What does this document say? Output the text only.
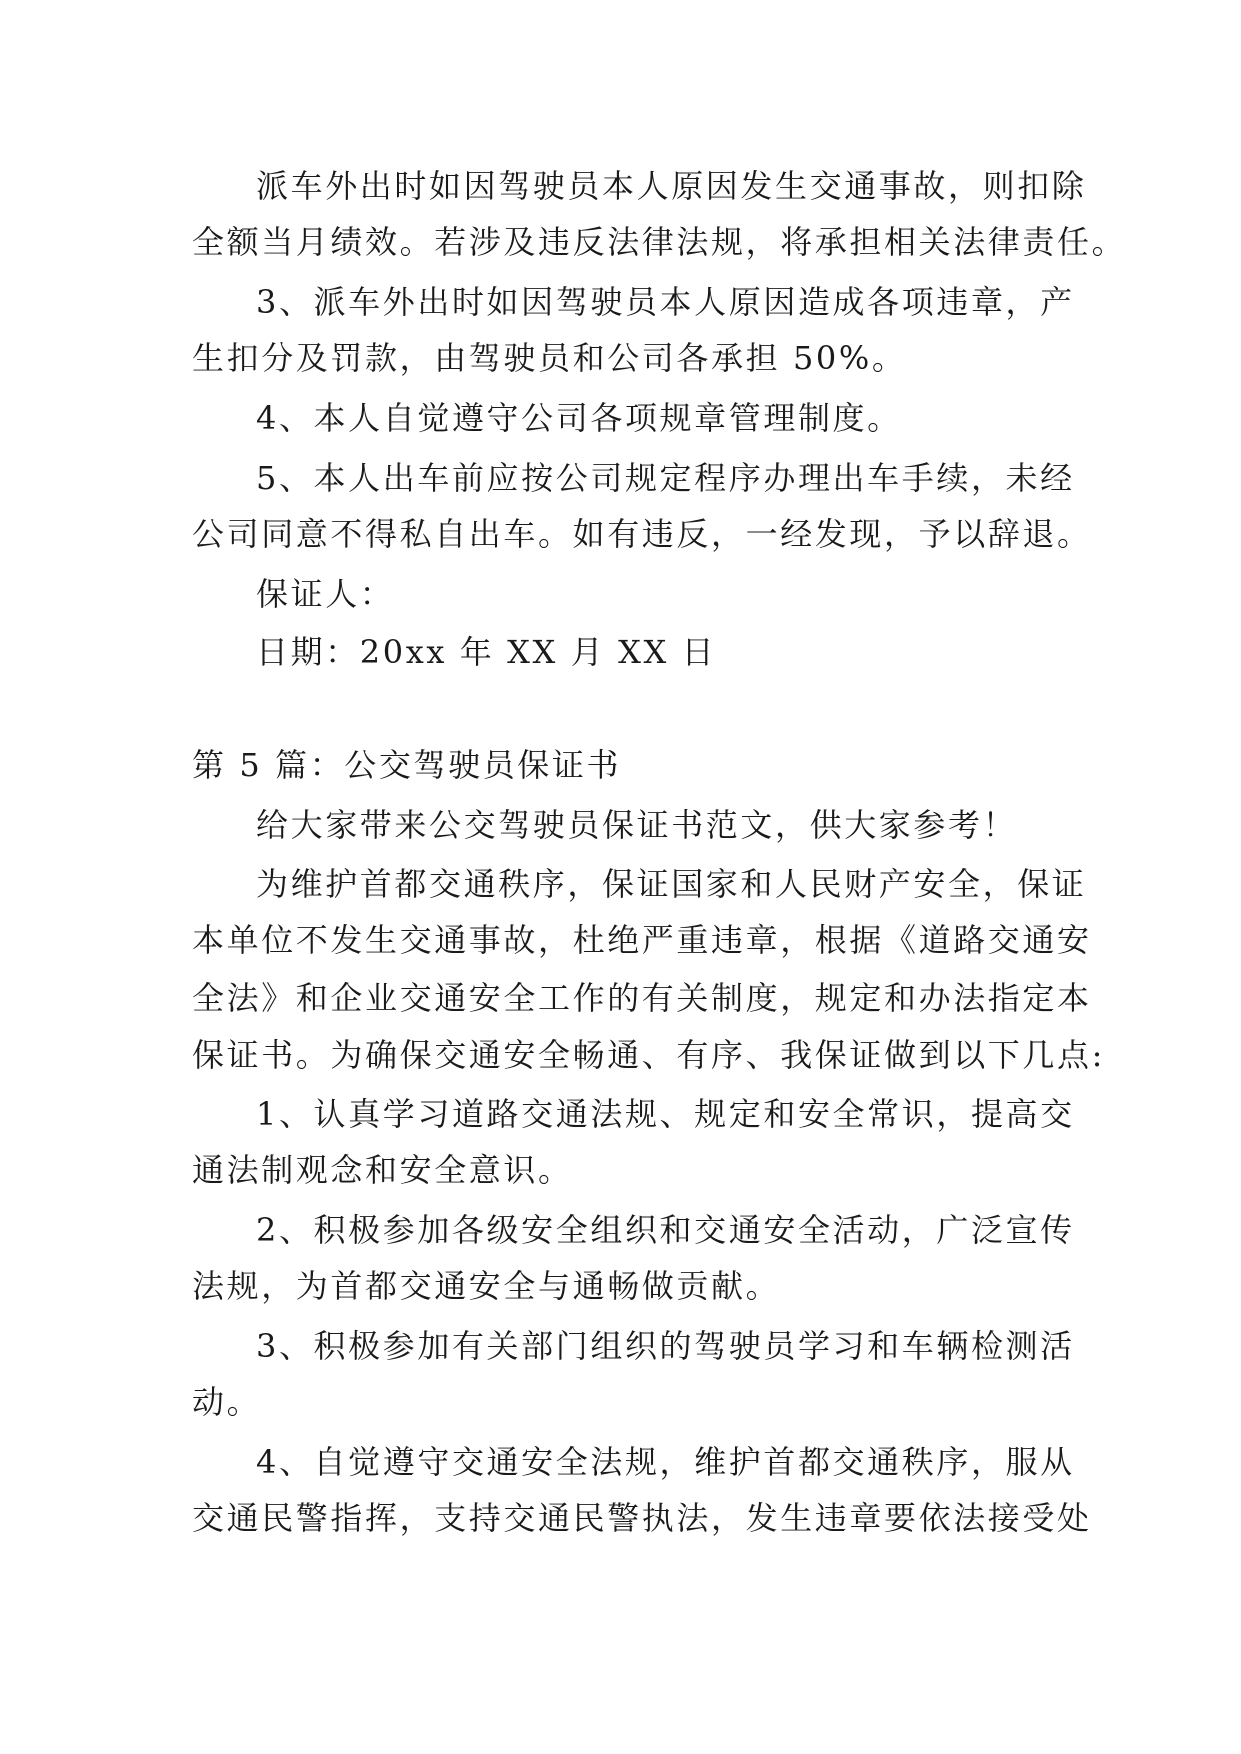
派车外出时如因驾驶员本人原因发生交通事故，则扣除
全额当月绩效。若涉及违反法律法规，将承担相关法律责任。
3、派车外出时如因驾驶员本人原因造成各项违章，产
生扣分及罚款，由驾驶员和公司各承担 50%。
4、本人自觉遵守公司各项规章管理制度。
5、本人出车前应按公司规定程序办理出车手续，未经
公司同意不得私自出车。如有违反，一经发现，予以辞退。
保证人：
日期：20xx 年 XX 月 XX 日
第 5 篇：公交驾驶员保证书
给大家带来公交驾驶员保证书范文，供大家参考！
为维护首都交通秩序，保证国家和人民财产安全，保证
本单位不发生交通事故，杜绝严重违章，根据《道路交通安
全法》和企业交通安全工作的有关制度，规定和办法指定本
保证书。为确保交通安全畅通、有序、我保证做到以下几点:
1、认真学习道路交通法规、规定和安全常识，提高交
通法制观念和安全意识。
2、积极参加各级安全组织和交通安全活动，广泛宣传
法规，为首都交通安全与通畅做贡献。
3、积极参加有关部门组织的驾驶员学习和车辆检测活
动。
4、自觉遵守交通安全法规，维护首都交通秩序，服从
交通民警指挥，支持交通民警执法，发生违章要依法接受处
